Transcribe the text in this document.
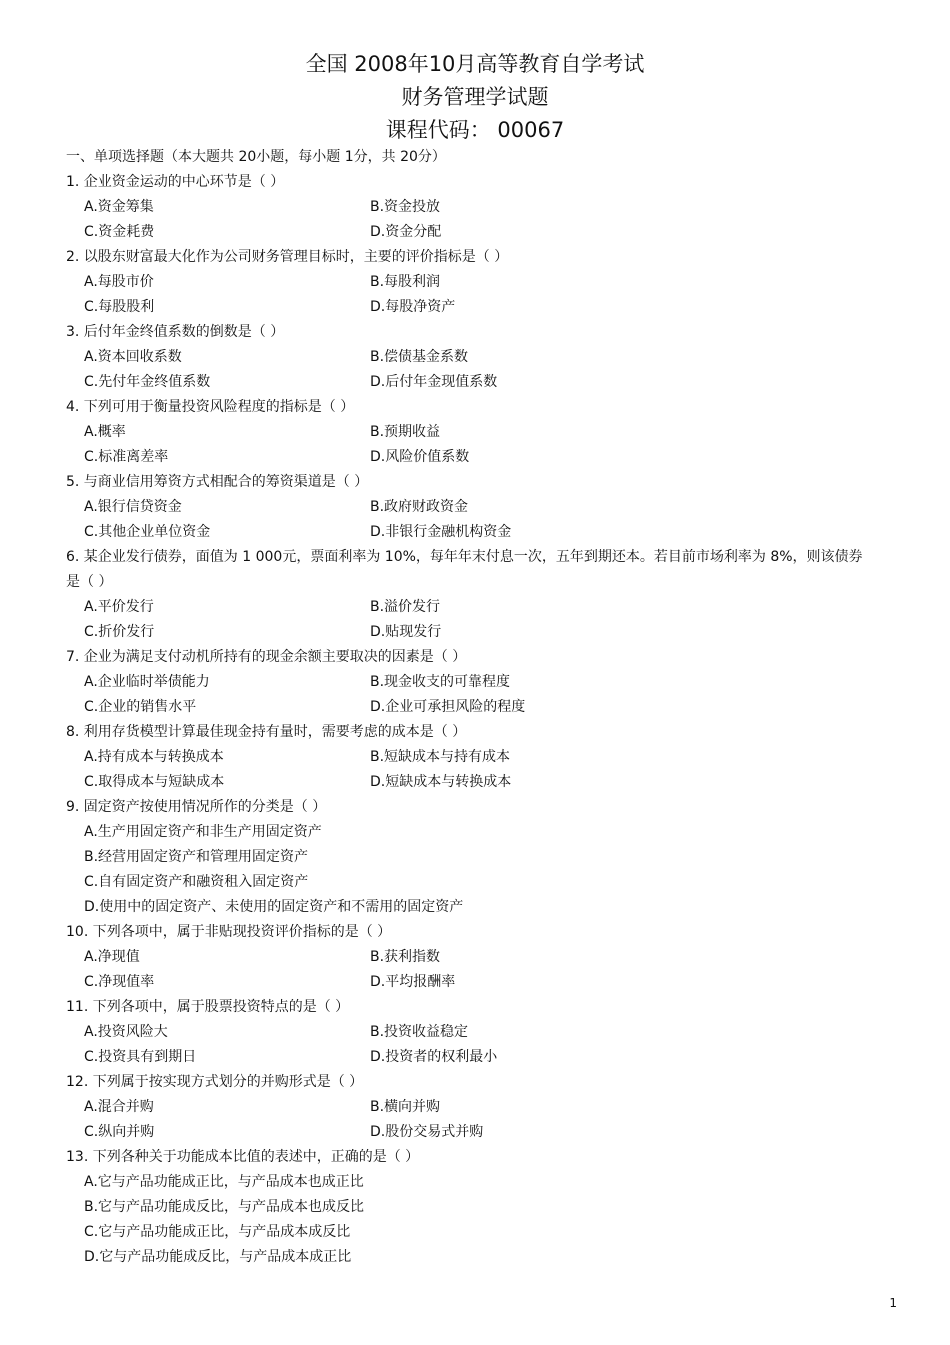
全国 2008年10月高等教育自学考试
财务管理学试题
课程代码： 00067
一、单项选择题（本大题共 20小题，每小题 1分，共 20分）
1. 企业资金运动的中心环节是（ ）
A.资金筹集	B.资金投放
C.资金耗费	D.资金分配
2. 以股东财富最大化作为公司财务管理目标时，主要的评价指标是（ ）
A.每股市价	B.每股利润
C.每股股利	D.每股净资产
3. 后付年金终值系数的倒数是（ ）
A.资本回收系数	B.偿债基金系数
C.先付年金终值系数	D.后付年金现值系数
4. 下列可用于衡量投资风险程度的指标是（ ）
A.概率	B.预期收益
C.标准离差率	D.风险价值系数
5. 与商业信用筹资方式相配合的筹资渠道是（ ）
A.银行信贷资金	B.政府财政资金
C.其他企业单位资金	D.非银行金融机构资金
6. 某企业发行债券，面值为 1 000元，票面利率为 10%，每年年末付息一次，五年到期还本。若目前市场利率为 8%，则该债券是（ ）
A.平价发行	B.溢价发行
C.折价发行	D.贴现发行
7. 企业为满足支付动机所持有的现金余额主要取决的因素是（ ）
A.企业临时举债能力	B.现金收支的可靠程度
C.企业的销售水平	D.企业可承担风险的程度
8. 利用存货模型计算最佳现金持有量时，需要考虑的成本是（ ）
A.持有成本与转换成本	B.短缺成本与持有成本
C.取得成本与短缺成本	D.短缺成本与转换成本
9. 固定资产按使用情况所作的分类是（ ）
A.生产用固定资产和非生产用固定资产
B.经营用固定资产和管理用固定资产
C.自有固定资产和融资租入固定资产
D.使用中的固定资产、未使用的固定资产和不需用的固定资产
10. 下列各项中，属于非贴现投资评价指标的是（ ）
A.净现值	B.获利指数
C.净现值率	D.平均报酬率
11. 下列各项中，属于股票投资特点的是（ ）
A.投资风险大	B.投资收益稳定
C.投资具有到期日	D.投资者的权利最小
12. 下列属于按实现方式划分的并购形式是（ ）
A.混合并购	B.横向并购
C.纵向并购	D.股份交易式并购
13. 下列各种关于功能成本比值的表述中，正确的是（ ）
A.它与产品功能成正比，与产品成本也成正比
B.它与产品功能成反比，与产品成本也成反比
C.它与产品功能成正比，与产品成本成反比
D.它与产品功能成反比，与产品成本成正比
1
